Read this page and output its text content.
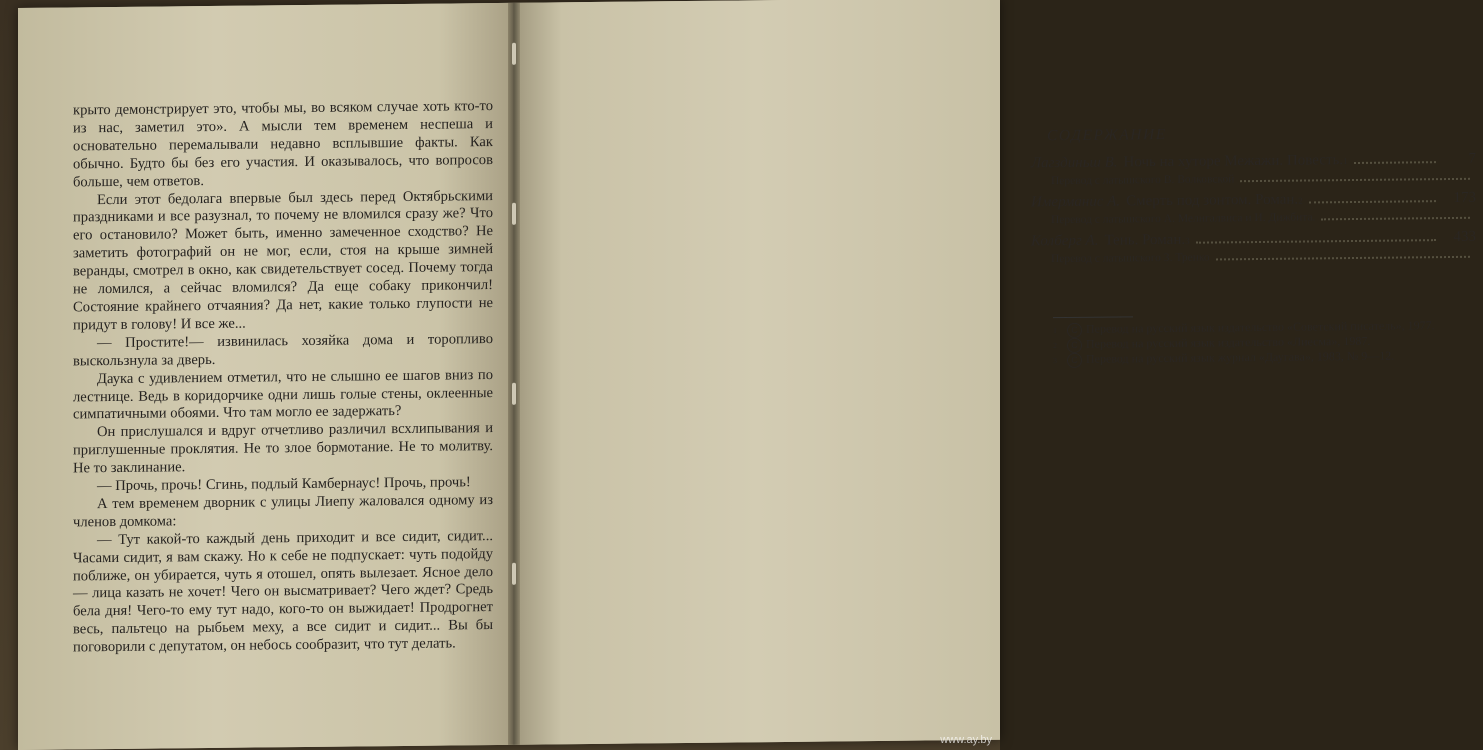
крыто демонстрирует это, чтобы мы, во всяком случае хоть кто-то из нас, заметил это». А мысли тем временем неспеша и основательно перемалывали недавно всплывшие факты. Как обычно. Будто бы без его участия. И оказывалось, что вопросов больше, чем ответов.

Если этот бедолага впервые был здесь перед Октябрьскими праздниками и все разузнал, то почему не вломился сразу же? Что его остановило? Может быть, именно замеченное сходство? Не заметить фотографий он не мог, если, стоя на крыше зимней веранды, смотрел в окно, как свидетельствует сосед. Почему тогда не ломился, а сейчас вломился? Да еще собаку прикончил! Состояние крайнего отчаяния? Да нет, какие только глупости не придут в голову! И все же...

— Простите!— извинилась хозяйка дома и торопливо выскользнула за дверь.

Даука с удивлением отметил, что не слышно ее шагов вниз по лестнице. Ведь в коридорчике одни лишь голые стены, оклеенные симпатичными обоями. Что там могло ее задержать?

Он прислушался и вдруг отчетливо различил всхлипывания и приглушенные проклятия. Не то злое бормотание. Не то молитву. Не то заклинание.

— Прочь, прочь! Сгинь, подлый Камбернаус! Прочь, прочь!

А тем временем дворник с улицы Лиепу жаловался одному из членов домкома:

— Тут какой-то каждый день приходит и все сидит, сидит... Часами сидит, я вам скажу. Но к себе не подпускает: чуть подойду поближе, он убирается, чуть я отошел, опять вылезает. Ясное дело — лица казать не хочет! Чего он высматривает? Чего ждет? Средь бела дня! Чего-то ему тут надо, кого-то он выжидает! Продрогнет весь, пальтецо на рыбьем меху, а все сидит и сидит... Вы бы поговорили с депутатом, он небось сообразит, что тут делать.

СОДЕРЖАНИЕ
Лагздиньш В. Ночь на хуторе Межажи. Повесть. 1	7
Перевод с латышского В. Волковской
Имерманис А. Смерть под зонтом. Роман. 2	173
Перевод с латышского А. Мелнгалвиса и И. Дижбита.
Колберг А. Тень. Роман. 3	433
Перевод с латышского З. Тренко
1	C Перевод на русский язык издательство «Советский писатель», 1977.
2	C Перевод на русский язык издательство «Лиесма», 1987.
3	C Перевод на русский язык журнал «Даугава», 1983, № 9—12.
www.ay.by
